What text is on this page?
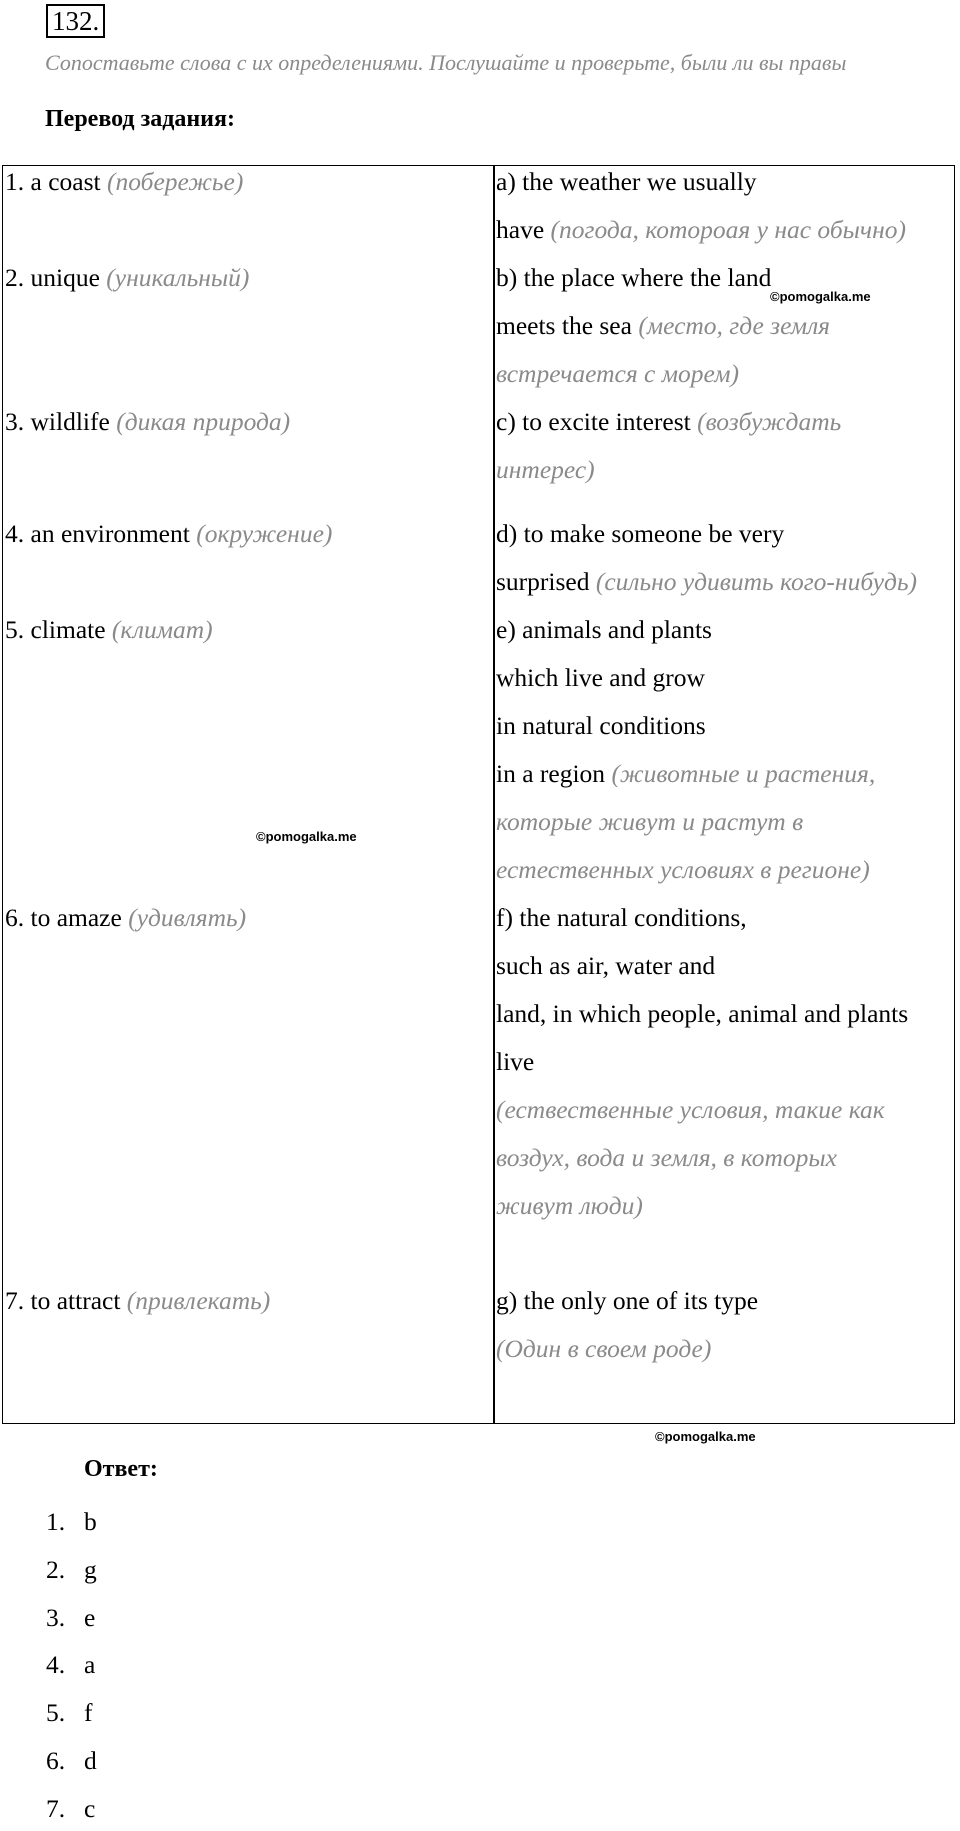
132.
Сопоставьте слова с их определениями. Послушайте и проверьте, были ли вы правы
Перевод задания:
1. a coast (побережье)
2. unique (уникальный)
3. wildlife (дикая природа)
4. an environment (окружение)
5. climate (климат)
6. to amaze (удивлять)
7. to attract (привлекать)
a) the weather we usually
have (погода, котороая у нас обычно)
b) the place where the land
meets the sea (место, где земля
встречается с морем)
c) to excite interest (возбуждать
интерес)
d) to make someone be very
surprised (сильно удивить кого-нибудь)
e) animals and plants
which live and grow
in natural conditions
in a region (животные и растения,
которые живут и растут в
естественных условиях в регионе)
f) the natural conditions,
such as air, water and
land, in which people, animal and plants
live
(ествественные условия, такие как
воздух, вода и земля, в которых
живут люди)
g) the only one of its type
(Один в своем роде)
©pomogalka.me
©pomogalka.me
©pomogalka.me
Ответ:
1. b
2. g
3. e
4. a
5. f
6. d
7. c
